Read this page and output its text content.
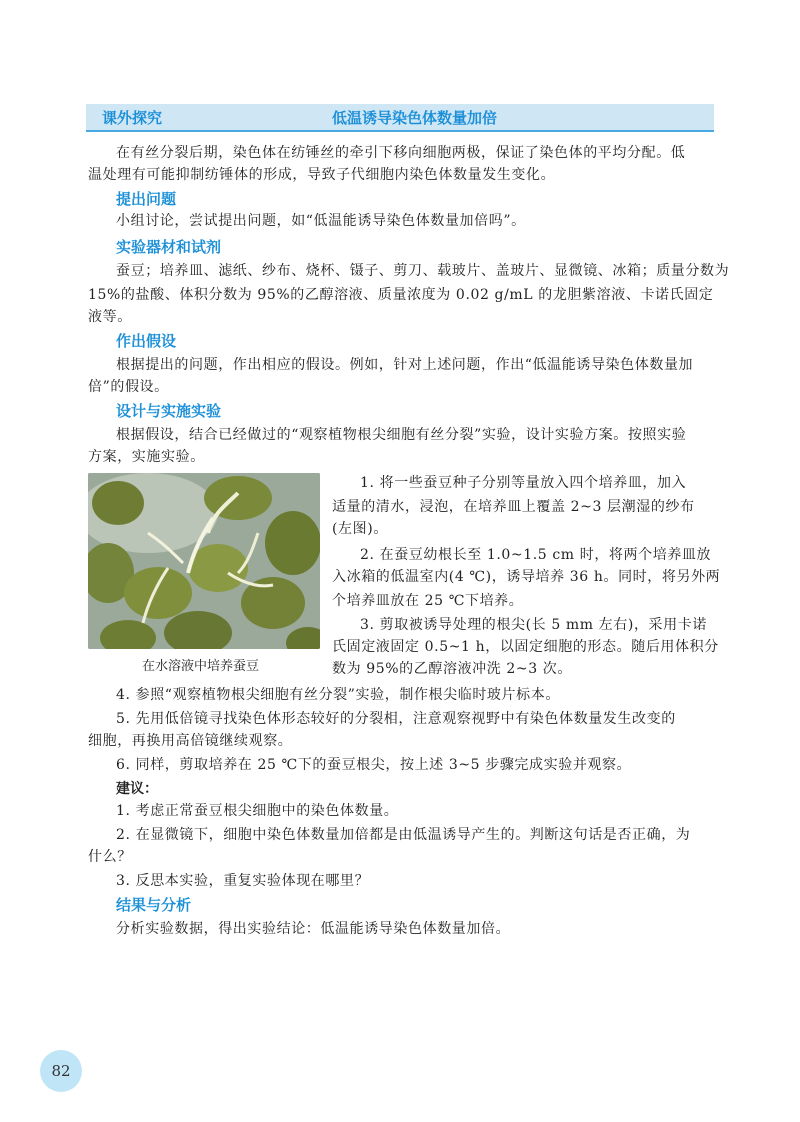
课外探究	低温诱导染色体数量加倍
在有丝分裂后期，染色体在纺锤丝的牵引下移向细胞两极，保证了染色体的平均分配。低
温处理有可能抑制纺锤体的形成，导致子代细胞内染色体数量发生变化。
提出问题
小组讨论，尝试提出问题，如“低温能诱导染色体数量加倍吗”。
实验器材和试剂
蚕豆；培养皿、滤纸、纱布、烧杯、镊子、剪刀、载玻片、盖玻片、显微镜、冰箱；质量分数为
15%的盐酸、体积分数为 95%的乙醇溶液、质量浓度为 0.02 g/mL 的龙胆紫溶液、卡诺氏固定
液等。
作出假设
根据提出的问题，作出相应的假设。例如，针对上述问题，作出“低温能诱导染色体数量加
倍”的假设。
设计与实施实验
根据假设，结合已经做过的“观察植物根尖细胞有丝分裂”实验，设计实验方案。按照实验
方案，实施实验。
在水溶液中培养蚕豆
1. 将一些蚕豆种子分别等量放入四个培养皿，加入
适量的清水，浸泡，在培养皿上覆盖 2~3 层潮湿的纱布
(左图)。
2. 在蚕豆幼根长至 1.0~1.5 cm 时，将两个培养皿放
入冰箱的低温室内(4 ℃)，诱导培养 36 h。同时，将另外两
个培养皿放在 25 ℃下培养。
3. 剪取被诱导处理的根尖(长 5 mm 左右)，采用卡诺
氏固定液固定 0.5~1 h，以固定细胞的形态。随后用体积分
数为 95%的乙醇溶液冲洗 2~3 次。
4. 参照“观察植物根尖细胞有丝分裂”实验，制作根尖临时玻片标本。
5. 先用低倍镜寻找染色体形态较好的分裂相，注意观察视野中有染色体数量发生改变的
细胞，再换用高倍镜继续观察。
6. 同样，剪取培养在 25 ℃下的蚕豆根尖，按上述 3~5 步骤完成实验并观察。
建议：
1. 考虑正常蚕豆根尖细胞中的染色体数量。
2. 在显微镜下，细胞中染色体数量加倍都是由低温诱导产生的。判断这句话是否正确，为
什么？
3. 反思本实验，重复实验体现在哪里？
结果与分析
分析实验数据，得出实验结论：低温能诱导染色体数量加倍。
82
